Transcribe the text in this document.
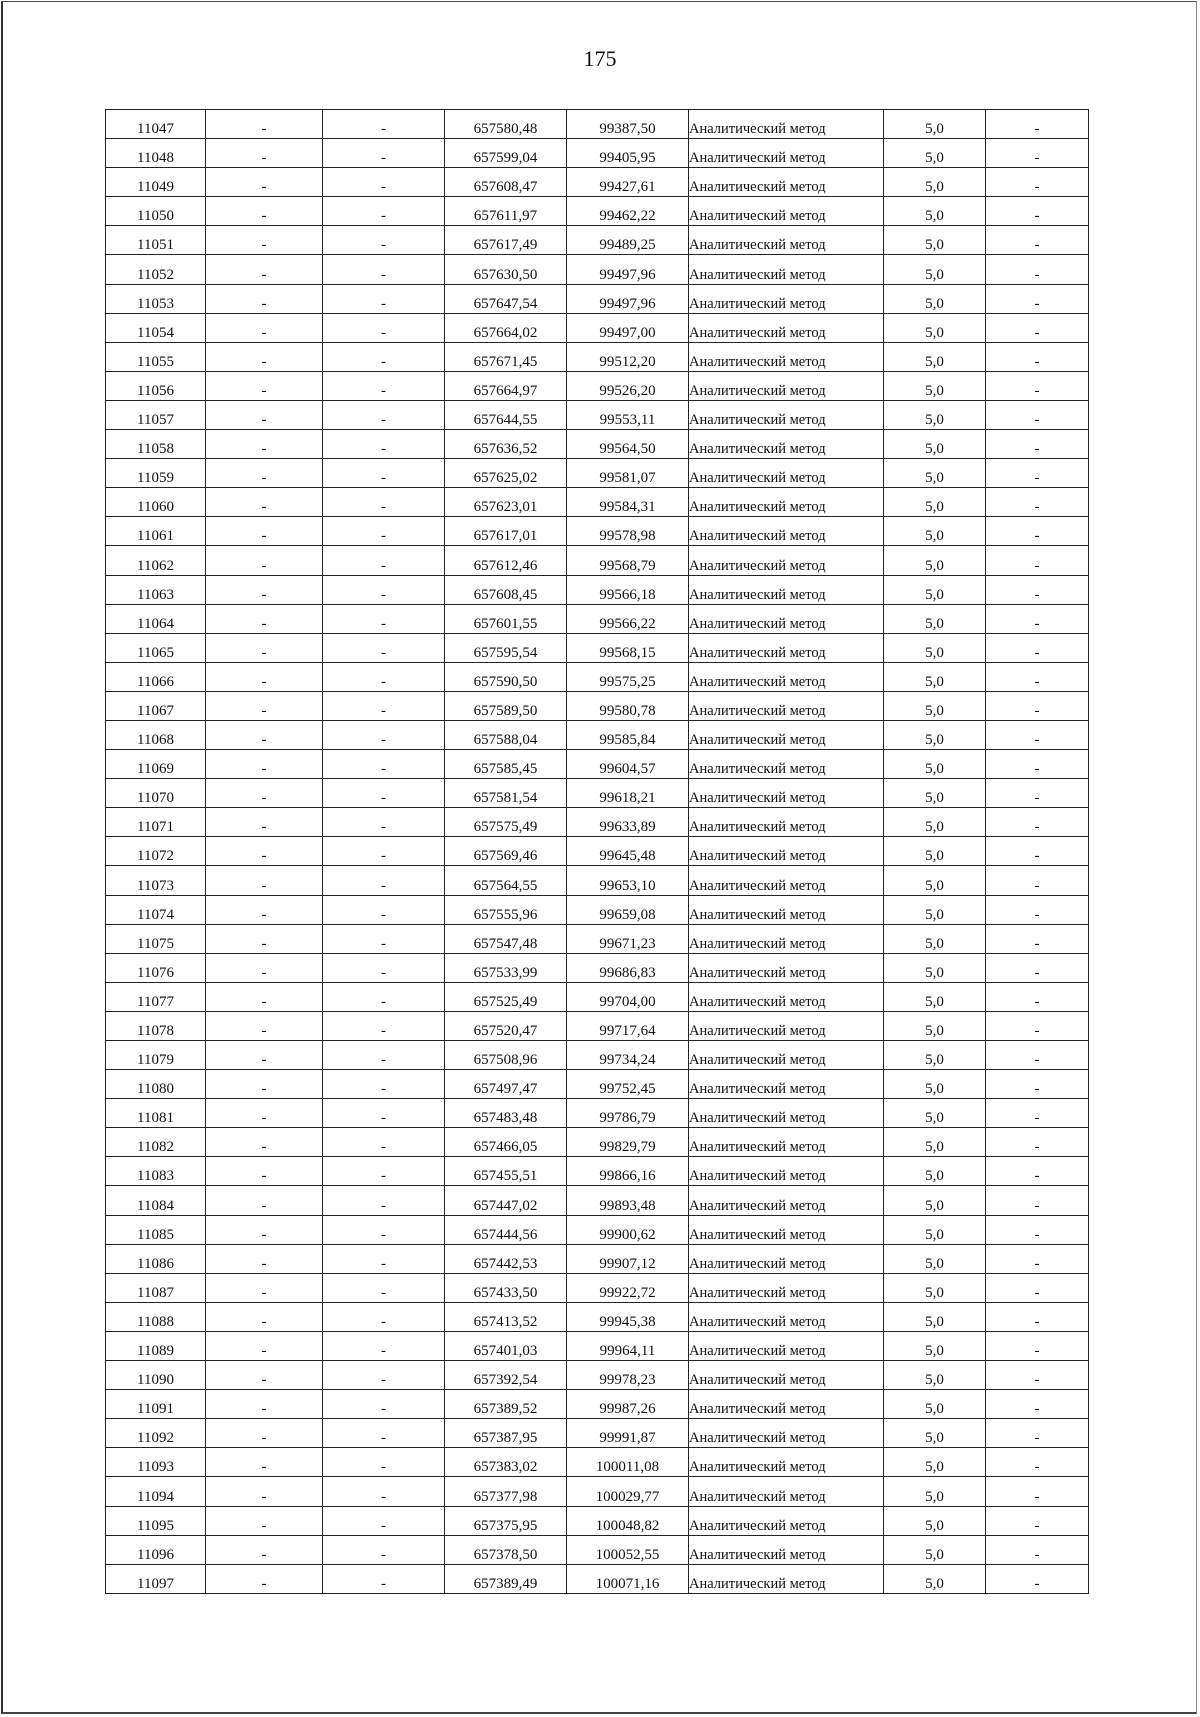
175
11047	-	-	657580,48	99387,50	Аналитический метод	5,0	-
11048	-	-	657599,04	99405,95	Аналитический метод	5,0	-
11049	-	-	657608,47	99427,61	Аналитический метод	5,0	-
11050	-	-	657611,97	99462,22	Аналитический метод	5,0	-
11051	-	-	657617,49	99489,25	Аналитический метод	5,0	-
11052	-	-	657630,50	99497,96	Аналитический метод	5,0	-
11053	-	-	657647,54	99497,96	Аналитический метод	5,0	-
11054	-	-	657664,02	99497,00	Аналитический метод	5,0	-
11055	-	-	657671,45	99512,20	Аналитический метод	5,0	-
11056	-	-	657664,97	99526,20	Аналитический метод	5,0	-
11057	-	-	657644,55	99553,11	Аналитический метод	5,0	-
11058	-	-	657636,52	99564,50	Аналитический метод	5,0	-
11059	-	-	657625,02	99581,07	Аналитический метод	5,0	-
11060	-	-	657623,01	99584,31	Аналитический метод	5,0	-
11061	-	-	657617,01	99578,98	Аналитический метод	5,0	-
11062	-	-	657612,46	99568,79	Аналитический метод	5,0	-
11063	-	-	657608,45	99566,18	Аналитический метод	5,0	-
11064	-	-	657601,55	99566,22	Аналитический метод	5,0	-
11065	-	-	657595,54	99568,15	Аналитический метод	5,0	-
11066	-	-	657590,50	99575,25	Аналитический метод	5,0	-
11067	-	-	657589,50	99580,78	Аналитический метод	5,0	-
11068	-	-	657588,04	99585,84	Аналитический метод	5,0	-
11069	-	-	657585,45	99604,57	Аналитический метод	5,0	-
11070	-	-	657581,54	99618,21	Аналитический метод	5,0	-
11071	-	-	657575,49	99633,89	Аналитический метод	5,0	-
11072	-	-	657569,46	99645,48	Аналитический метод	5,0	-
11073	-	-	657564,55	99653,10	Аналитический метод	5,0	-
11074	-	-	657555,96	99659,08	Аналитический метод	5,0	-
11075	-	-	657547,48	99671,23	Аналитический метод	5,0	-
11076	-	-	657533,99	99686,83	Аналитический метод	5,0	-
11077	-	-	657525,49	99704,00	Аналитический метод	5,0	-
11078	-	-	657520,47	99717,64	Аналитический метод	5,0	-
11079	-	-	657508,96	99734,24	Аналитический метод	5,0	-
11080	-	-	657497,47	99752,45	Аналитический метод	5,0	-
11081	-	-	657483,48	99786,79	Аналитический метод	5,0	-
11082	-	-	657466,05	99829,79	Аналитический метод	5,0	-
11083	-	-	657455,51	99866,16	Аналитический метод	5,0	-
11084	-	-	657447,02	99893,48	Аналитический метод	5,0	-
11085	-	-	657444,56	99900,62	Аналитический метод	5,0	-
11086	-	-	657442,53	99907,12	Аналитический метод	5,0	-
11087	-	-	657433,50	99922,72	Аналитический метод	5,0	-
11088	-	-	657413,52	99945,38	Аналитический метод	5,0	-
11089	-	-	657401,03	99964,11	Аналитический метод	5,0	-
11090	-	-	657392,54	99978,23	Аналитический метод	5,0	-
11091	-	-	657389,52	99987,26	Аналитический метод	5,0	-
11092	-	-	657387,95	99991,87	Аналитический метод	5,0	-
11093	-	-	657383,02	100011,08	Аналитический метод	5,0	-
11094	-	-	657377,98	100029,77	Аналитический метод	5,0	-
11095	-	-	657375,95	100048,82	Аналитический метод	5,0	-
11096	-	-	657378,50	100052,55	Аналитический метод	5,0	-
11097	-	-	657389,49	100071,16	Аналитический метод	5,0	-
